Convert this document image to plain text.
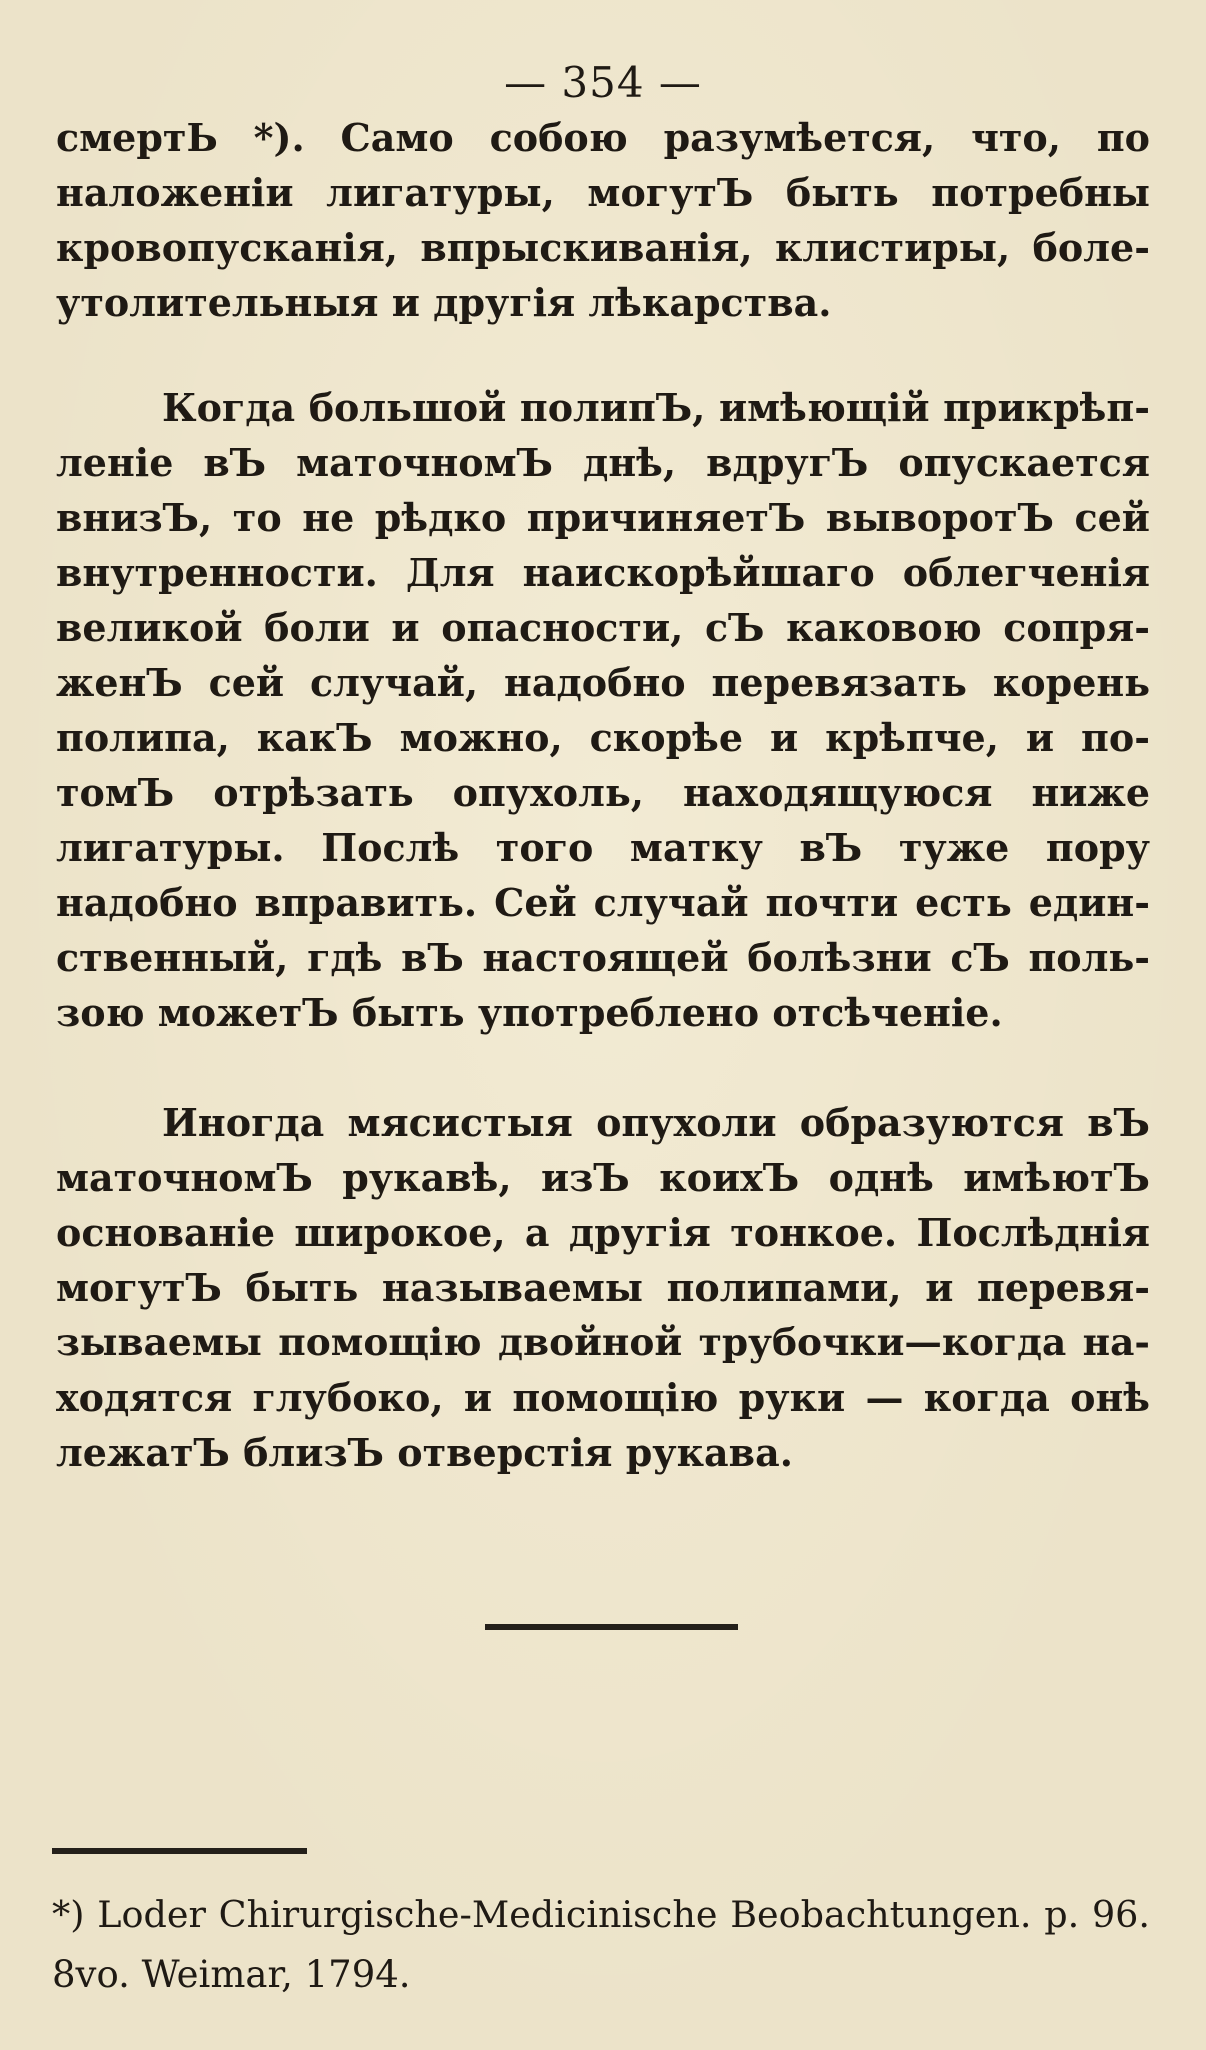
— 354 —
смертЬ *). Само собою разумѣется, что, по
наложенiи лигатуры, могутЪ быть потребны
кровопусканiя, впрыскиванiя, клистиры, боле-
утолительныя и другiя лѣкарства.
Когда большой полипЪ, имѣющiй прикрѣп-
ленiе вЪ маточномЪ днѣ, вдругЪ опускается
внизЪ, то не рѣдко причиняетЪ выворотЪ сей
внутренности. Для наискорѣйшаго облегченiя
великой боли и опасности, сЪ каковою сопря-
женЪ сей случай, надобно перевязать корень
полипа, какЪ можно, скорѣе и крѣпче, и по-
томЪ отрѣзать опухоль, находящуюся ниже
лигатуры. Послѣ того матку вЪ туже пору
надобно вправить. Сей случай почти есть един-
ственный, гдѣ вЪ настоящей болѣзни сЪ поль-
зою можетЪ быть употреблено отсѣченiе.
Иногда мясистыя опухоли образуются вЪ
маточномЪ рукавѣ, изЪ коихЪ однѣ имѣютЪ
основанiе широкое, а другiя тонкое. Послѣднiя
могутЪ быть называемы полипами, и перевя-
зываемы помощiю двойной трубочки—когда на-
ходятся глубоко, и помощiю руки — когда онѣ
лежатЪ близЪ отверстiя рукава.
*) Loder Chirurgische-Medicinische Beobachtungen. p. 96.
8vo. Weimar, 1794.
